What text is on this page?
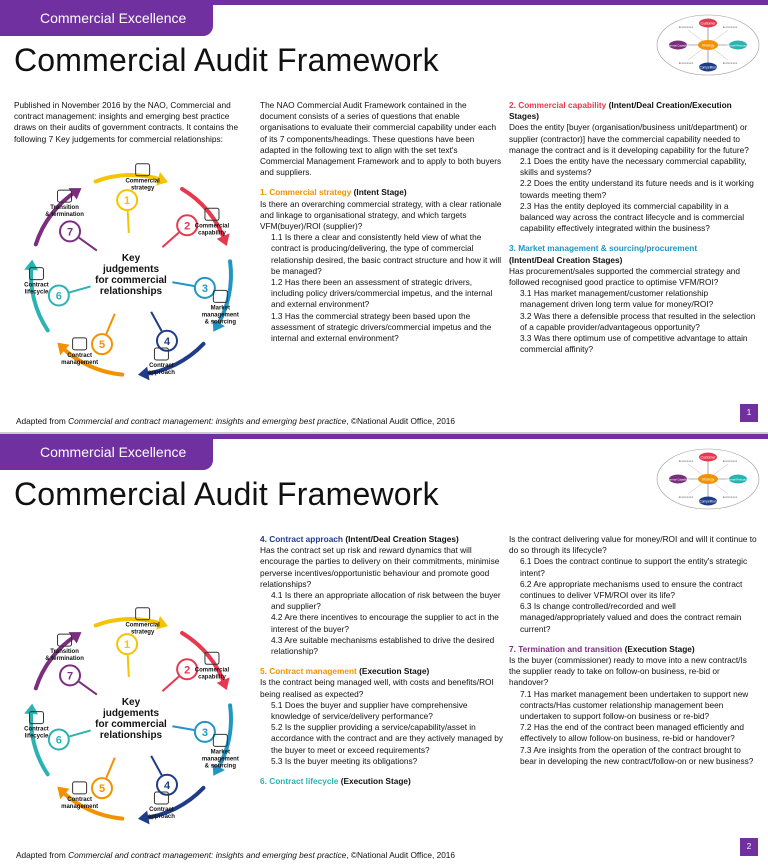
Commercial Excellence
Commercial Audit Framework
Customer
Strategy	Internal Resources
Competition
External Capability
Environment	Environment
Environment	Environment

Published in November 2016 by the NAO, Commercial and contract management: insights and emerging best practice draws on their audits of government contracts. It contains the following 7 Key judgements for commercial relationships:

Key
judgements
for commercial
relationships
1
Commercial
strategy
2 Commercial
capability
3
Market
management
& sourcing
4
Contract
approach
5
Contract
management
6
Contract
lifecycle
7
Transition
& termination

The NAO Commercial Audit Framework contained in the document consists of a series of questions that enable organisations to evaluate their commercial capability under each of its 7 components/headings. These questions have been adapted in the following text to align with the set text's Commercial Management Framework and to apply to both buyers and suppliers.

1. Commercial strategy (Intent Stage)

Is there an overarching commercial strategy, with a clear rationale and linkage to organisational strategy, and which targets VFM(buyer)/ROI (supplier)?

1.1 Is there a clear and consistently held view of what the contract is producing/delivering, the type of commercial relationship desired, the basic contract structure and how it will be managed?

1.2 Has there been an assessment of strategic drivers, including policy drivers/commercial impetus, and the internal and external environment?

1.3 Has the commercial strategy been based upon the assessment of strategic drivers/commercial impetus and the internal and external environment?

2. Commercial capability (Intent/Deal Creation/Execution Stages)

Does the entity [buyer (organisation/business unit/department) or supplier (contractor)] have the commercial capability needed to manage the contract and is it developing capability for the future?

2.1 Does the entity have the necessary commercial capability, skills and systems?

2.2 Does the entity understand its future needs and is it working towards meeting them?

2.3 Has the entity deployed its commercial capability in a balanced way across the contract lifecycle and is commercial capability effectively integrated within the business?

3. Market management & sourcing/procurement

(Intent/Deal Creation Stages)

Has procurement/sales supported the commercial strategy and followed recognised good practice to optimise VFM/ROI?

3.1 Has market management/customer relationship management driven long term value for money/ROI?

3.2 Was there a defensible process that resulted in the selection of a capable provider/advantageous opportunity?

3.3 Was there optimum use of competitive advantage to attain commercial affinity?

Adapted from Commercial and contract management: insights and emerging best practice, ©National Audit Office, 2016
1
Commercial Excellence
Commercial Audit Framework
Customer
Strategy	Internal Resources
Competition
External Capability
Environment	Environment
Environment	Environment
Key
judgements
for commercial
relationships
1
Commercial
strategy
2 Commercial
capability
3
Market
management
& sourcing
4
Contract
approach
5
Contract
management
6
Contract
lifecycle
7
Transition
& termination

4. Contract approach (Intent/Deal Creation Stages)

Has the contract set up risk and reward dynamics that will encourage the parties to delivery on their commitments, minimise perverse incentives/opportunistic behaviour and promote good relationships?

4.1 Is there an appropriate allocation of risk between the buyer and supplier?

4.2 Are there incentives to encourage the supplier to act in the interest of the buyer?

4.3 Are suitable mechanisms established to drive the desired relationship?

5. Contract management (Execution Stage)

Is the contract being managed well, with costs and benefits/ROI being realised as expected?

5.1 Does the buyer and supplier have comprehensive knowledge of service/delivery performance?

5.2 Is the supplier providing a service/capability/asset in accordance with the contract and are they actively managed by the buyer to meet or exceed requirements?

5.3 Is the buyer meeting its obligations?

6. Contract lifecycle (Execution Stage)

Is the contract delivering value for money/ROI and will it continue to do so through its lifecycle?

6.1 Does the contract continue to support the entity's strategic intent?

6.2 Are appropriate mechanisms used to ensure the contract continues to deliver VFM/ROI over its life?

6.3 Is change controlled/recorded and well managed/appropriately valued and does the contract remain current?

7. Termination and transition (Execution Stage)

Is the buyer (commissioner) ready to move into a new contract/Is the supplier ready to take on follow-on business, re-bid or handover?

7.1 Has market management been undertaken to support new contracts/Has customer relationship management been undertaken to support follow-on business or re-bid?

7.2 Has the end of the contract been managed efficiently and effectively to allow follow-on business, re-bid or handover?

7.3 Are insights from the operation of the contract brought to bear in developing the new contract/follow-on or new business?

Adapted from Commercial and contract management: insights and emerging best practice, ©National Audit Office, 2016
2
